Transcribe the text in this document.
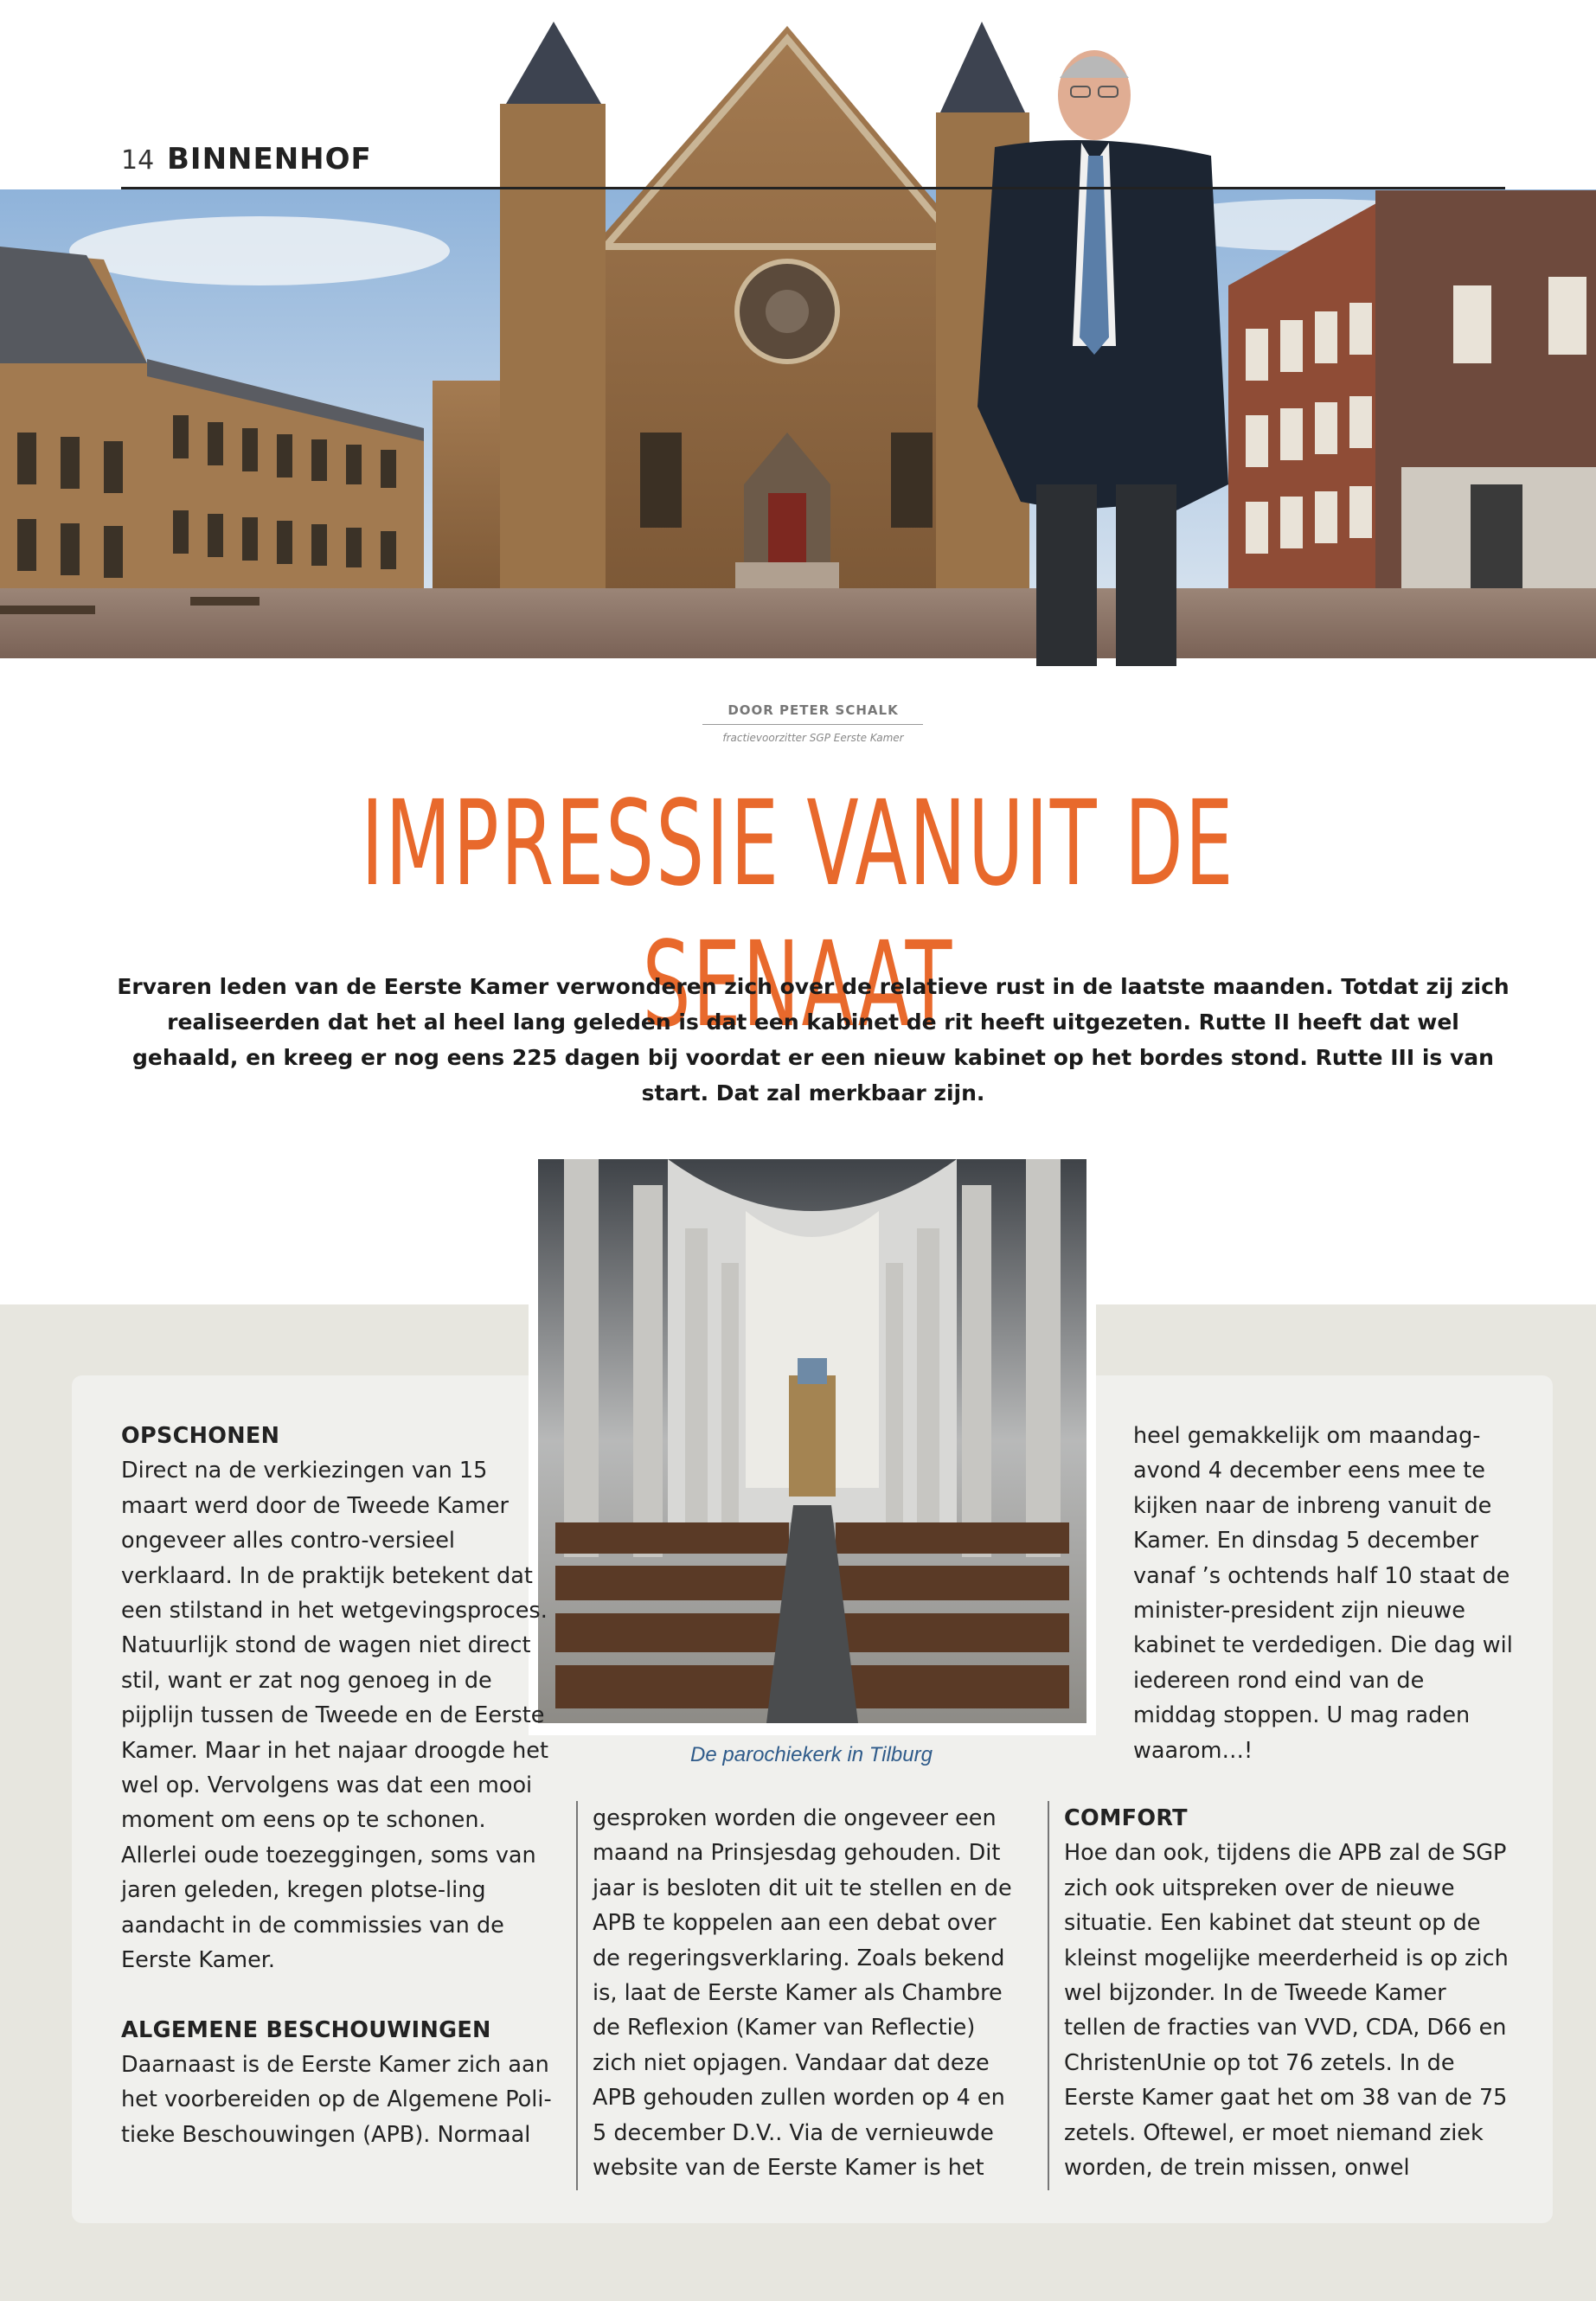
14 BINNENHOF
DOOR PETER SCHALK
fractievoorzitter SGP Eerste Kamer
IMPRESSIE VANUIT DE SENAAT
Ervaren leden van de Eerste Kamer verwonderen zich over de relatieve rust in de laatste maanden. Totdat zij zich realiseerden dat het al heel lang geleden is dat een kabinet de rit heeft uitgezeten. Rutte II heeft dat wel gehaald, en kreeg er nog eens 225 dagen bij voordat er een nieuw kabinet op het bordes stond. Rutte III is van start. Dat zal merkbaar zijn.
De parochiekerk in Tilburg
OPSCHONEN

Direct na de verkiezingen van 15 maart werd door de Tweede Kamer ongeveer alles contro-versieel verklaard. In de praktijk betekent dat een stilstand in het wetgevingsproces. Natuurlijk stond de wagen niet direct stil, want er zat nog genoeg in de pijplijn tussen de Tweede en de Eerste Kamer. Maar in het najaar droogde het wel op. Vervolgens was dat een mooi moment om eens op te schonen. Allerlei oude toezeggingen, soms van jaren geleden, kregen plotse-ling aandacht in de commissies van de Eerste Kamer.

ALGEMENE BESCHOUWINGEN

Daarnaast is de Eerste Kamer zich aan het voorbereiden op de Algemene Poli-tieke Beschouwingen (APB). Normaal

gesproken worden die ongeveer een maand na Prinsjesdag gehouden. Dit jaar is besloten dit uit te stellen en de APB te koppelen aan een debat over de regeringsverklaring. Zoals bekend is, laat de Eerste Kamer als Chambre de Reflexion (Kamer van Reflectie) zich niet opjagen. Vandaar dat deze APB gehouden zullen worden op 4 en 5 december D.V.. Via de vernieuwde website van de Eerste Kamer is het

heel gemakkelijk om maandag-avond 4 december eens mee te kijken naar de inbreng vanuit de Kamer. En dinsdag 5 december vanaf ’s ochtends half 10 staat de minister-president zijn nieuwe kabinet te verdedigen. Die dag wil iedereen rond eind van de middag stoppen. U mag raden waarom…!

COMFORT

Hoe dan ook, tijdens die APB zal de SGP zich ook uitspreken over de nieuwe situatie. Een kabinet dat steunt op de kleinst mogelijke meerderheid is op zich wel bijzonder. In de Tweede Kamer tellen de fracties van VVD, CDA, D66 en ChristenUnie op tot 76 zetels. In de Eerste Kamer gaat het om 38 van de 75 zetels. Oftewel, er moet niemand ziek worden, de trein missen, onwel
